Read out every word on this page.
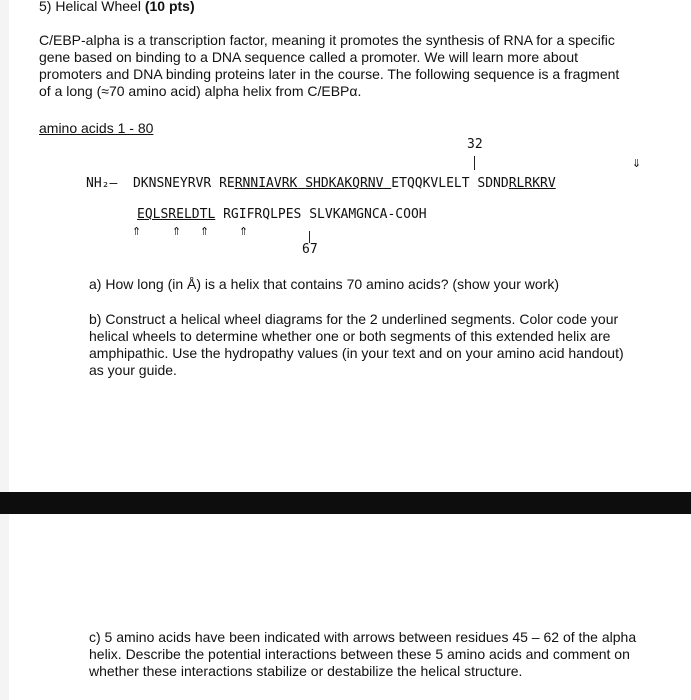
5) Helical Wheel (10 pts)
C/EBP-alpha is a transcription factor, meaning it promotes the synthesis of RNA for a specific
gene based on binding to a DNA sequence called a promoter. We will learn more about
promoters and DNA binding proteins later in the course. The following sequence is a fragment
of a long (≈70 amino acid) alpha helix from C/EBPα.
amino acids 1 - 80
32
⇓
NH₂– DKNSNEYRVR RERNNIAVRK SHDKAKQRNV ETQQKVLELT SDNDRLRKRV
EQLSRELDTL RGIFRQLPES SLVKAMGNCA-COOH
⇑ ⇑ ⇑ ⇑
67
a) How long (in Å) is a helix that contains 70 amino acids? (show your work)
b) Construct a helical wheel diagrams for the 2 underlined segments. Color code your
helical wheels to determine whether one or both segments of this extended helix are
amphipathic. Use the hydropathy values (in your text and on your amino acid handout)
as your guide.
c) 5 amino acids have been indicated with arrows between residues 45 – 62 of the alpha
helix. Describe the potential interactions between these 5 amino acids and comment on
whether these interactions stabilize or destabilize the helical structure.
